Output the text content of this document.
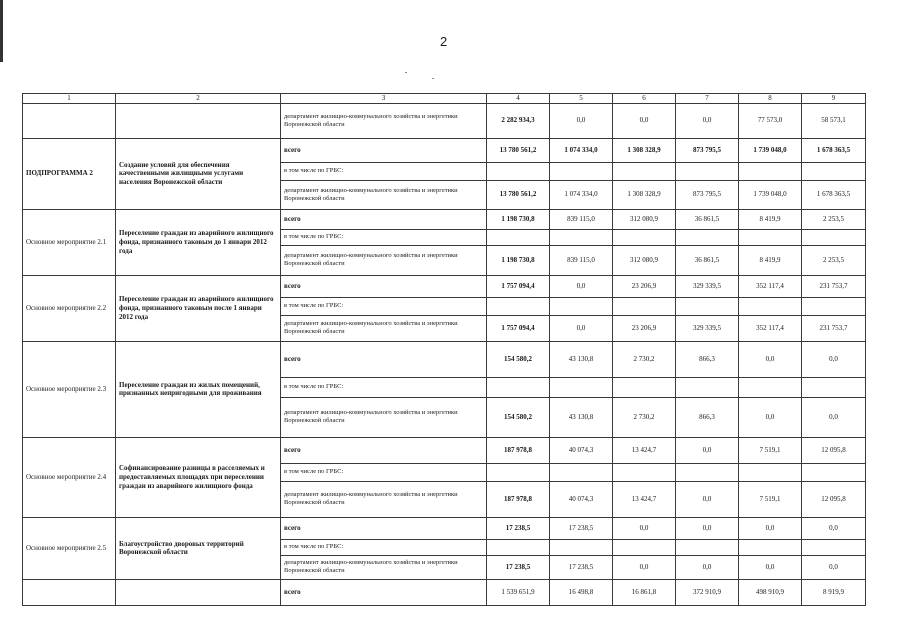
2
1	2	3	4	5	6	7	8	9
		департамент жилищно-коммунального хозяйства и энергетики Воронежской области	2 282 934,3	0,0	0,0	0,0	77 573,0	58 573,1
ПОДПРОГРАММА 2	Создание условий для обеспечения качественными жилищными услугами населения Воронежской области	всего	13 780 561,2	1 074 334,0	1 308 328,9	873 795,5	1 739 048,0	1 678 363,5
		в том числе по ГРБС:						
		департамент жилищно-коммунального хозяйства и энергетики Воронежской области	13 780 561,2	1 074 334,0	1 308 328,9	873 795,5	1 739 048,0	1 678 363,5
Основное мероприятие 2.1	Переселение граждан из аварийного жилищного фонда, признанного таковым до 1 январи 2012 года	всего	1 198 730,8	839 115,0	312 080,9	36 861,5	8 419,9	2 253,5
		в том числе по ГРБС:						
		департамент жилищно-коммунального хозяйства и энергетики Воронежской области	1 198 730,8	839 115,0	312 080,9	36 861,5	8 419,9	2 253,5
Основное мероприятие 2.2	Переселение граждан из аварийного жилищного фонда, признанного таковым после 1 январи 2012 года	всего	1 757 094,4	0,0	23 206,9	329 339,5	352 117,4	231 753,7
		в том числе по ГРБС:						
		департамент жилищно-коммунального хозяйства и энергетики Воронежской области	1 757 094,4	0,0	23 206,9	329 339,5	352 117,4	231 753,7
Основное мероприятие 2.3	Переселение граждан из жилых помещений, признанных непригодными для проживания	всего	154 580,2	43 130,8	2 730,2	866,3	0,0	0,0
		в том числе по ГРБС:						
		департамент жилищно-коммунального хозяйства и энергетики Воронежской области	154 580,2	43 130,8	2 730,2	866,3	0,0	0,0
Основное мероприятие 2.4	Софинансирование разницы в расселяемых и предоставляемых площадях при переселении граждан из аварийного жилищного фонда	всего	187 978,8	40 074,3	13 424,7	0,0	7 519,1	12 095,8
		в том числе по ГРБС:						
		департамент жилищно-коммунального хозяйства и энергетики Воронежской области	187 978,8	40 074,3	13 424,7	0,0	7 519,1	12 095,8
Основное мероприятие 2.5	Благоустройство дворовых территорий Воронежской области	всего	17 238,5	17 238,5	0,0	0,0	0,0	0,0
		в том числе по ГРБС:						
		департамент жилищно-коммунального хозяйства и энергетики Воронежской области	17 238,5	17 238,5	0,0	0,0	0,0	0,0
		всего	1 539 651,9	16 498,8	16 861,8	372 910,9	498 910,9	8 919,9
